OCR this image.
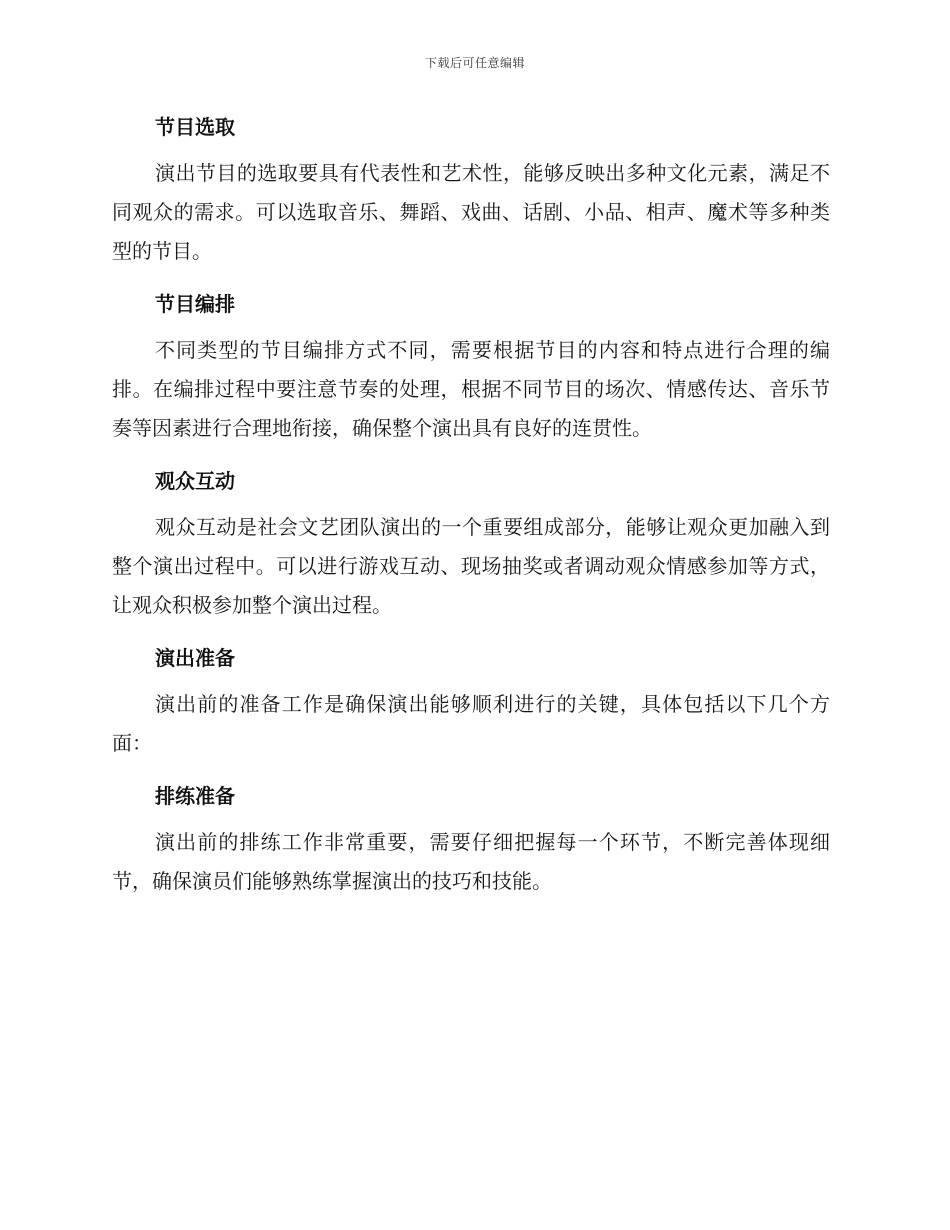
下载后可任意编辑
节目选取

演出节目的选取要具有代表性和艺术性，能够反映出多种文化元素，满足不同观众的需求。可以选取音乐、舞蹈、戏曲、话剧、小品、相声、魔术等多种类型的节目。

节目编排

不同类型的节目编排方式不同，需要根据节目的内容和特点进行合理的编排。在编排过程中要注意节奏的处理，根据不同节目的场次、情感传达、音乐节奏等因素进行合理地衔接，确保整个演出具有良好的连贯性。

观众互动

观众互动是社会文艺团队演出的一个重要组成部分，能够让观众更加融入到整个演出过程中。可以进行游戏互动、现场抽奖或者调动观众情感参加等方式，让观众积极参加整个演出过程。

演出准备

演出前的准备工作是确保演出能够顺利进行的关键，具体包括以下几个方面：

排练准备

演出前的排练工作非常重要，需要仔细把握每一个环节，不断完善体现细节，确保演员们能够熟练掌握演出的技巧和技能。
